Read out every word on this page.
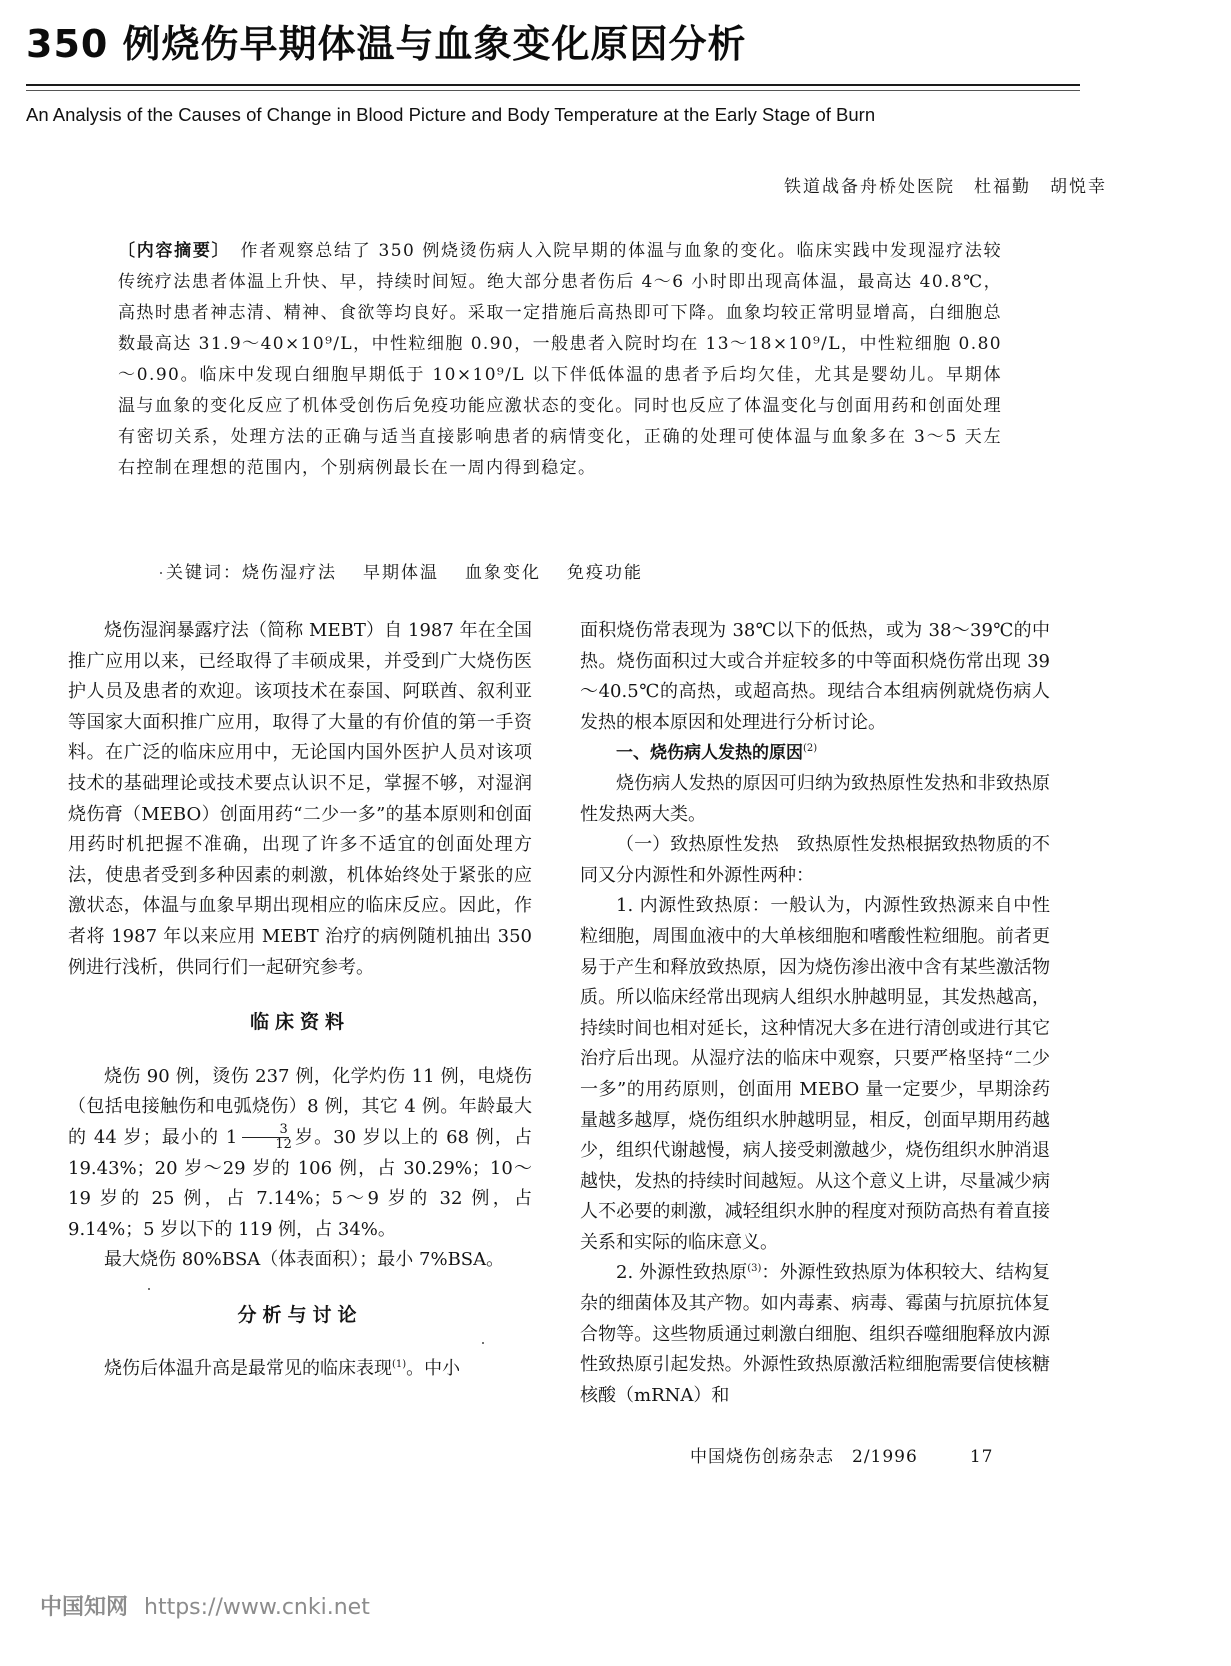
350 例烧伤早期体温与血象变化原因分析
An Analysis of the Causes of Change in Blood Picture and Body Temperature at the Early Stage of Burn
铁道战备舟桥处医院　杜福勤　胡悦幸
〔内容摘要〕　 作者观察总结了 350 例烧烫伤病人入院早期的体温与血象的变化。临床实践中发现湿疗法较传统疗法患者体温上升快、早，持续时间短。绝大部分患者伤后 4～6 小时即出现高体温，最高达 40.8℃，高热时患者神志清、精神、食欲等均良好。采取一定措施后高热即可下降。血象均较正常明显增高，白细胞总数最高达 31.9～40×10⁹/L，中性粒细胞 0.90，一般患者入院时均在 13～18×10⁹/L，中性粒细胞 0.80～0.90。临床中发现白细胞早期低于 10×10⁹/L 以下伴低体温的患者予后均欠佳，尤其是婴幼儿。早期体温与血象的变化反应了机体受创伤后免疫功能应激状态的变化。同时也反应了体温变化与创面用药和创面处理有密切关系，处理方法的正确与适当直接影响患者的病情变化，正确的处理可使体温与血象多在 3～5 天左右控制在理想的范围内，个别病例最长在一周内得到稳定。
关键词：烧伤湿疗法 早期体温 血象变化 免疫功能

烧伤湿润暴露疗法（简称 MEBT）自 1987 年在全国推广应用以来，已经取得了丰硕成果，并受到广大烧伤医护人员及患者的欢迎。该项技术在泰国、阿联酋、叙利亚等国家大面积推广应用，取得了大量的有价值的第一手资料。在广泛的临床应用中，无论国内国外医护人员对该项技术的基础理论或技术要点认识不足，掌握不够，对湿润烧伤膏（MEBO）创面用药“二少一多”的基本原则和创面用药时机把握不准确，出现了许多不适宜的创面处理方法，使患者受到多种因素的刺激，机体始终处于紧张的应激状态，体温与血象早期出现相应的临床反应。因此，作者将 1987 年以来应用 MEBT 治疗的病例随机抽出 350 例进行浅析，供同行们一起研究参考。

临床资料

烧伤 90 例，烫伤 237 例，化学灼伤 11 例，电烧伤（包括电接触伤和电弧烧伤）8 例，其它 4 例。年龄最大的 44 岁；最小的 $1 \frac{3}{12}$ 岁。30 岁以上的 68 例，占 19.43%；20 岁～29 岁的 106 例，占 30.29%；10～19 岁的 25 例，占 7.14%；5～9 岁的 32 例，占 9.14%；5 岁以下的 119 例，占 34%。

最大烧伤 80%BSA（体表面积）；最小 7%BSA。

分析与讨论

烧伤后体温升高是最常见的临床表现$^{(1)}$。中小

面积烧伤常表现为 38℃以下的低热，或为 38～39℃的中热。烧伤面积过大或合并症较多的中等面积烧伤常出现 39～40.5℃的高热，或超高热。现结合本组病例就烧伤病人发热的根本原因和处理进行分析讨论。

一、烧伤病人发热的原因$^{(2)}$

烧伤病人发热的原因可归纳为致热原性发热和非致热原性发热两大类。

（一）致热原性发热　致热原性发热根据致热物质的不同又分内源性和外源性两种：

1. 内源性致热原：一般认为，内源性致热源来自中性粒细胞，周围血液中的大单核细胞和嗜酸性粒细胞。前者更易于产生和释放致热原，因为烧伤渗出液中含有某些激活物质。所以临床经常出现病人组织水肿越明显，其发热越高，持续时间也相对延长，这种情况大多在进行清创或进行其它治疗后出现。从湿疗法的临床中观察，只要严格坚持“二少一多”的用药原则，创面用 MEBO 量一定要少，早期涂药量越多越厚，烧伤组织水肿越明显，相反，创面早期用药越少，组织代谢越慢，病人接受刺激越少，烧伤组织水肿消退越快，发热的持续时间越短。从这个意义上讲，尽量减少病人不必要的刺激，减轻组织水肿的程度对预防高热有着直接关系和实际的临床意义。

2. 外源性致热原$^{(3)}$：外源性致热原为体积较大、结构复杂的细菌体及其产物。如内毒素、病毒、霉菌与抗原抗体复合物等。这些物质通过刺激白细胞、组织吞噬细胞释放内源性致热原引起发热。外源性致热原激活粒细胞需要信使核糖核酸（mRNA）和

中国烧伤创疡杂志 2/1996	17
中国知网 https://www.cnki.net
